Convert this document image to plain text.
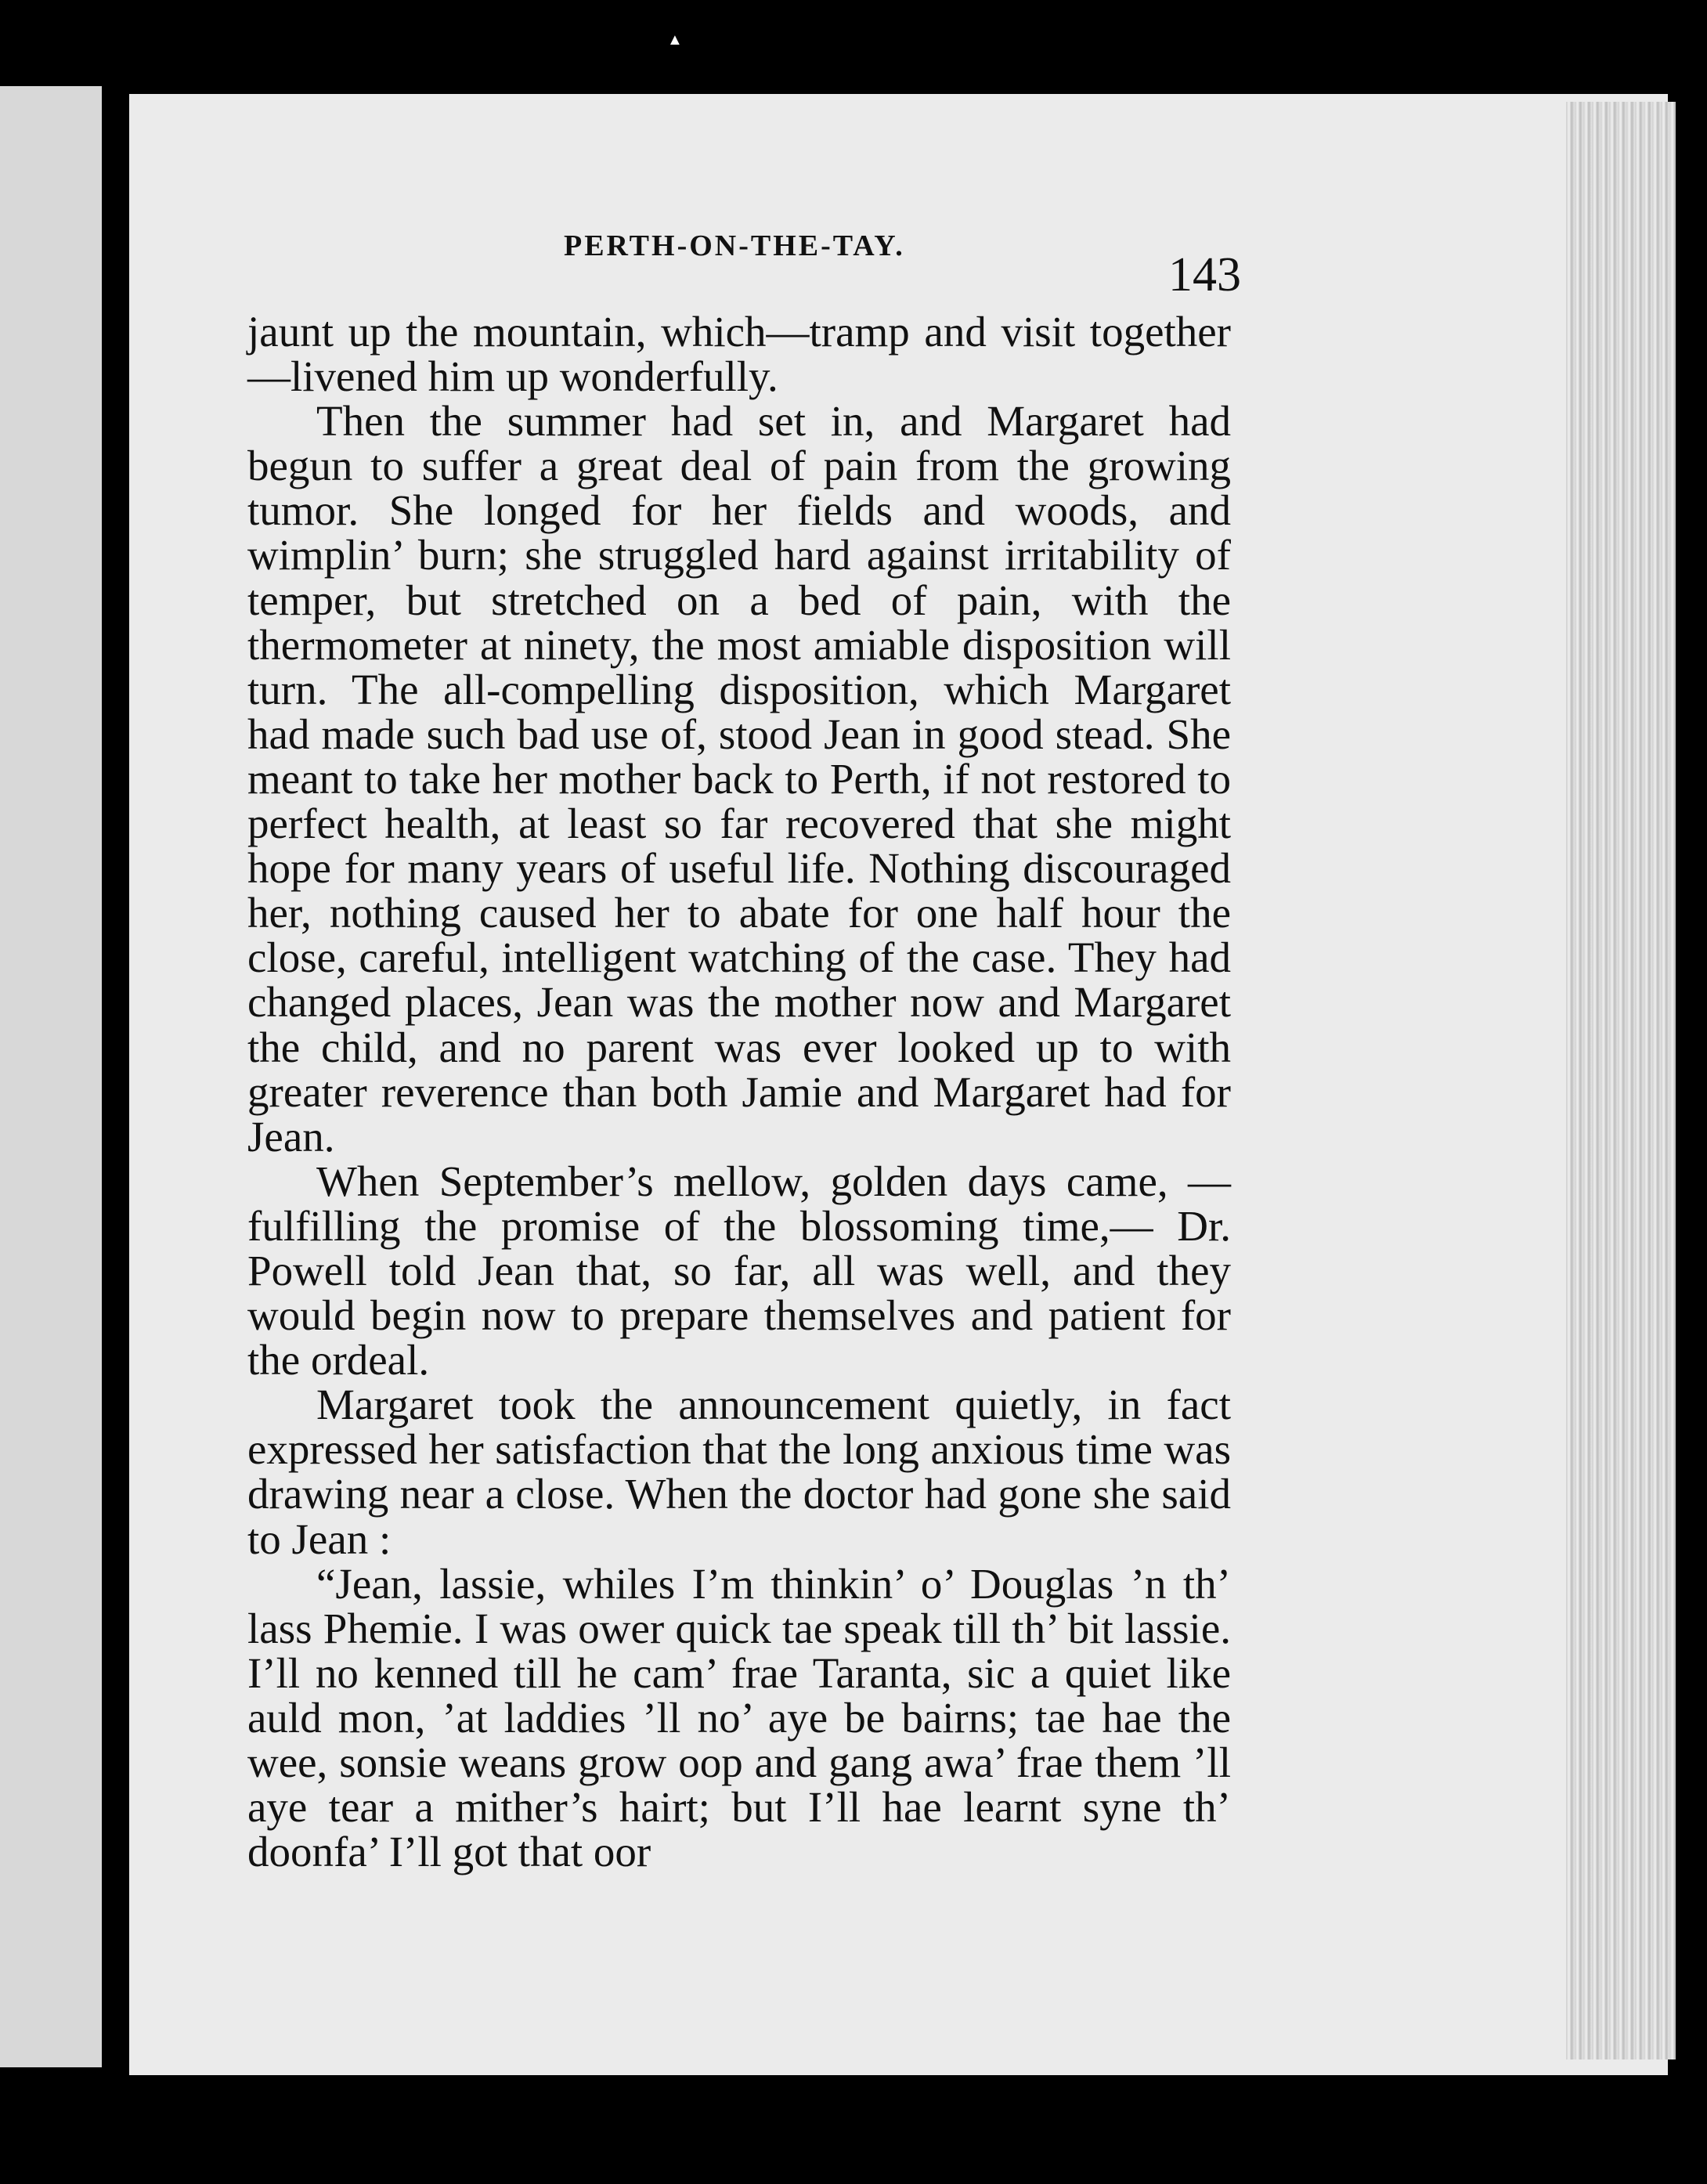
▲
PERTH-ON-THE-TAY.
143

jaunt up the mountain, which—tramp and visit together—livened him up wonderfully.

Then the summer had set in, and Margaret had begun to suffer a great deal of pain from the growing tumor. She longed for her fields and woods, and wimplin’ burn; she struggled hard against irritability of temper, but stretched on a bed of pain, with the thermometer at ninety, the most amiable disposition will turn. The all-compelling disposition, which Margaret had made such bad use of, stood Jean in good stead. She meant to take her mother back to Perth, if not restored to perfect health, at least so far recovered that she might hope for many years of useful life. Nothing discouraged her, nothing caused her to abate for one half hour the close, careful, intelligent watching of the case. They had changed places, Jean was the mother now and Margaret the child, and no parent was ever looked up to with greater reverence than both Jamie and Margaret had for Jean.

When September’s mellow, golden days came, —fulfilling the promise of the blossoming time,— Dr. Powell told Jean that, so far, all was well, and they would begin now to prepare themselves and patient for the ordeal.

Margaret took the announcement quietly, in fact expressed her satisfaction that the long anxious time was drawing near a close. When the doctor had gone she said to Jean :

“Jean, lassie, whiles I’m thinkin’ o’ Douglas ’n th’ lass Phemie. I was ower quick tae speak till th’ bit lassie. I’ll no kenned till he cam’ frae Taranta, sic a quiet like auld mon, ’at laddies ’ll no’ aye be bairns; tae hae the wee, sonsie weans grow oop and gang awa’ frae them ’ll aye tear a mither’s hairt; but I’ll hae learnt syne th’ doonfa’ I’ll got that oor
